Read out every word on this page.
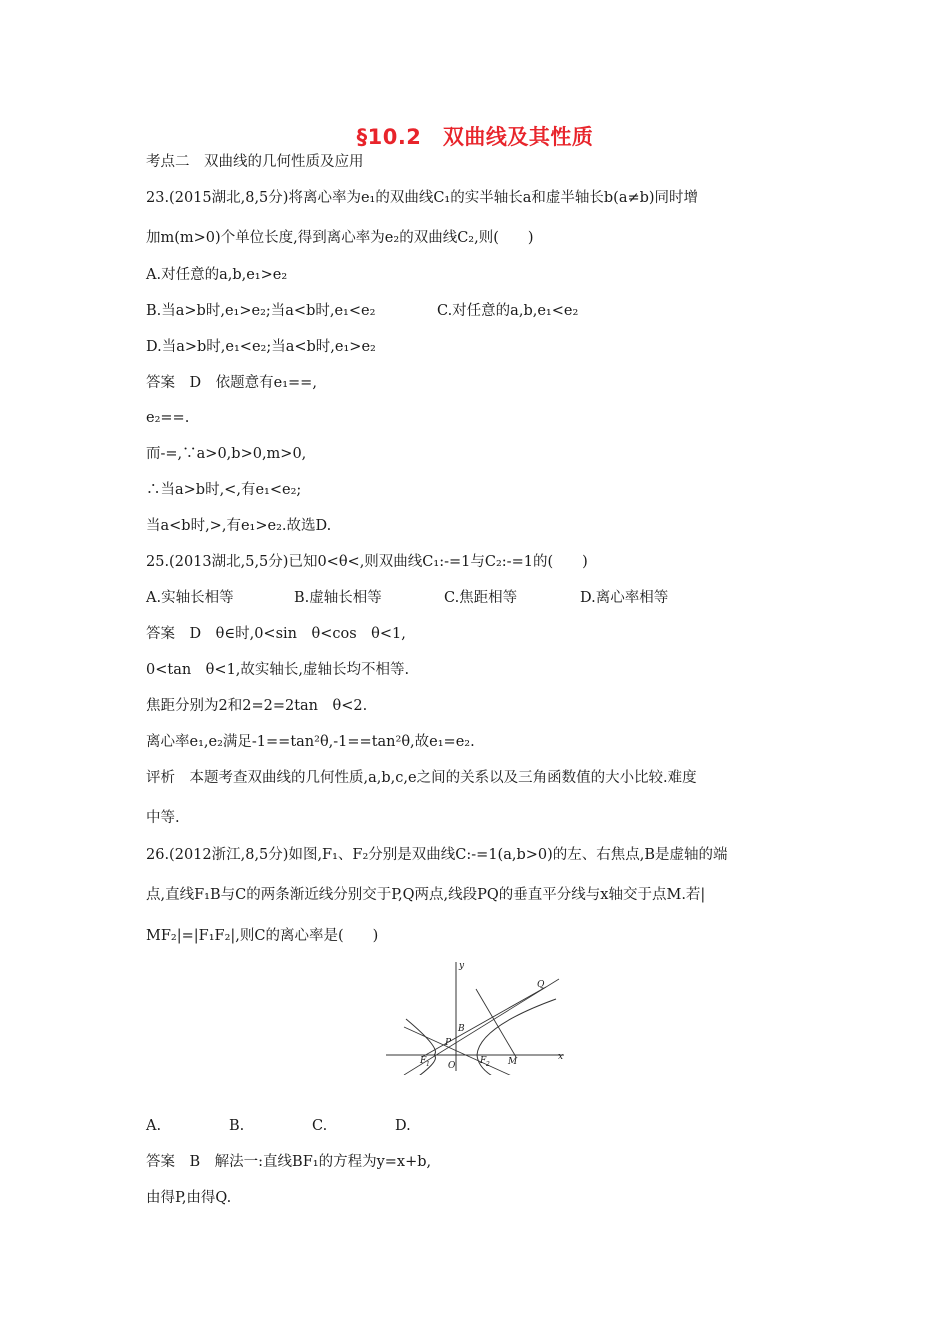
§10.2　双曲线及其性质
考点二　双曲线的几何性质及应用
23.(2015湖北,8,5分)将离心率为e₁的双曲线C₁的实半轴长a和虚半轴长b(a≠b)同时增
加m(m>0)个单位长度,得到离心率为e₂的双曲线C₂,则(　　)
A.对任意的a,b,e₁>e₂
B.当a>b时,e₁>e₂;当a<b时,e₁<e₂	C.对任意的a,b,e₁<e₂
D.当a>b时,e₁<e₂;当a<b时,e₁>e₂
答案　D　依题意有e₁==,
e₂==.
而-=,∵a>0,b>0,m>0,
∴当a>b时,<,有e₁<e₂;
当a<b时,>,有e₁>e₂.故选D.
25.(2013湖北,5,5分)已知0<θ<,则双曲线C₁:-=1与C₂:-=1的(　　)
A.实轴长相等	B.虚轴长相等	C.焦距相等	D.离心率相等
答案　D　θ∈时,0<sin　θ<cos　θ<1,
0<tan　θ<1,故实轴长,虚轴长均不相等.
焦距分别为2和2=2=2tan　θ<2.
离心率e₁,e₂满足-1==tan²θ,-1==tan²θ,故e₁=e₂.
评析　本题考查双曲线的几何性质,a,b,c,e之间的关系以及三角函数值的大小比较.难度
中等.
26.(2012浙江,8,5分)如图,F₁、F₂分别是双曲线C:-=1(a,b>0)的左、右焦点,B是虚轴的端
点,直线F₁B与C的两条渐近线分别交于P,Q两点,线段PQ的垂直平分线与x轴交于点M.若|
MF₂|=|F₁F₂|,则C的离心率是(　　)
x
y
Q
B
P
F 1 O	F 2 M
A.	B.	C.	D.
答案　B　解法一:直线BF₁的方程为y=x+b,
由得P,由得Q.
